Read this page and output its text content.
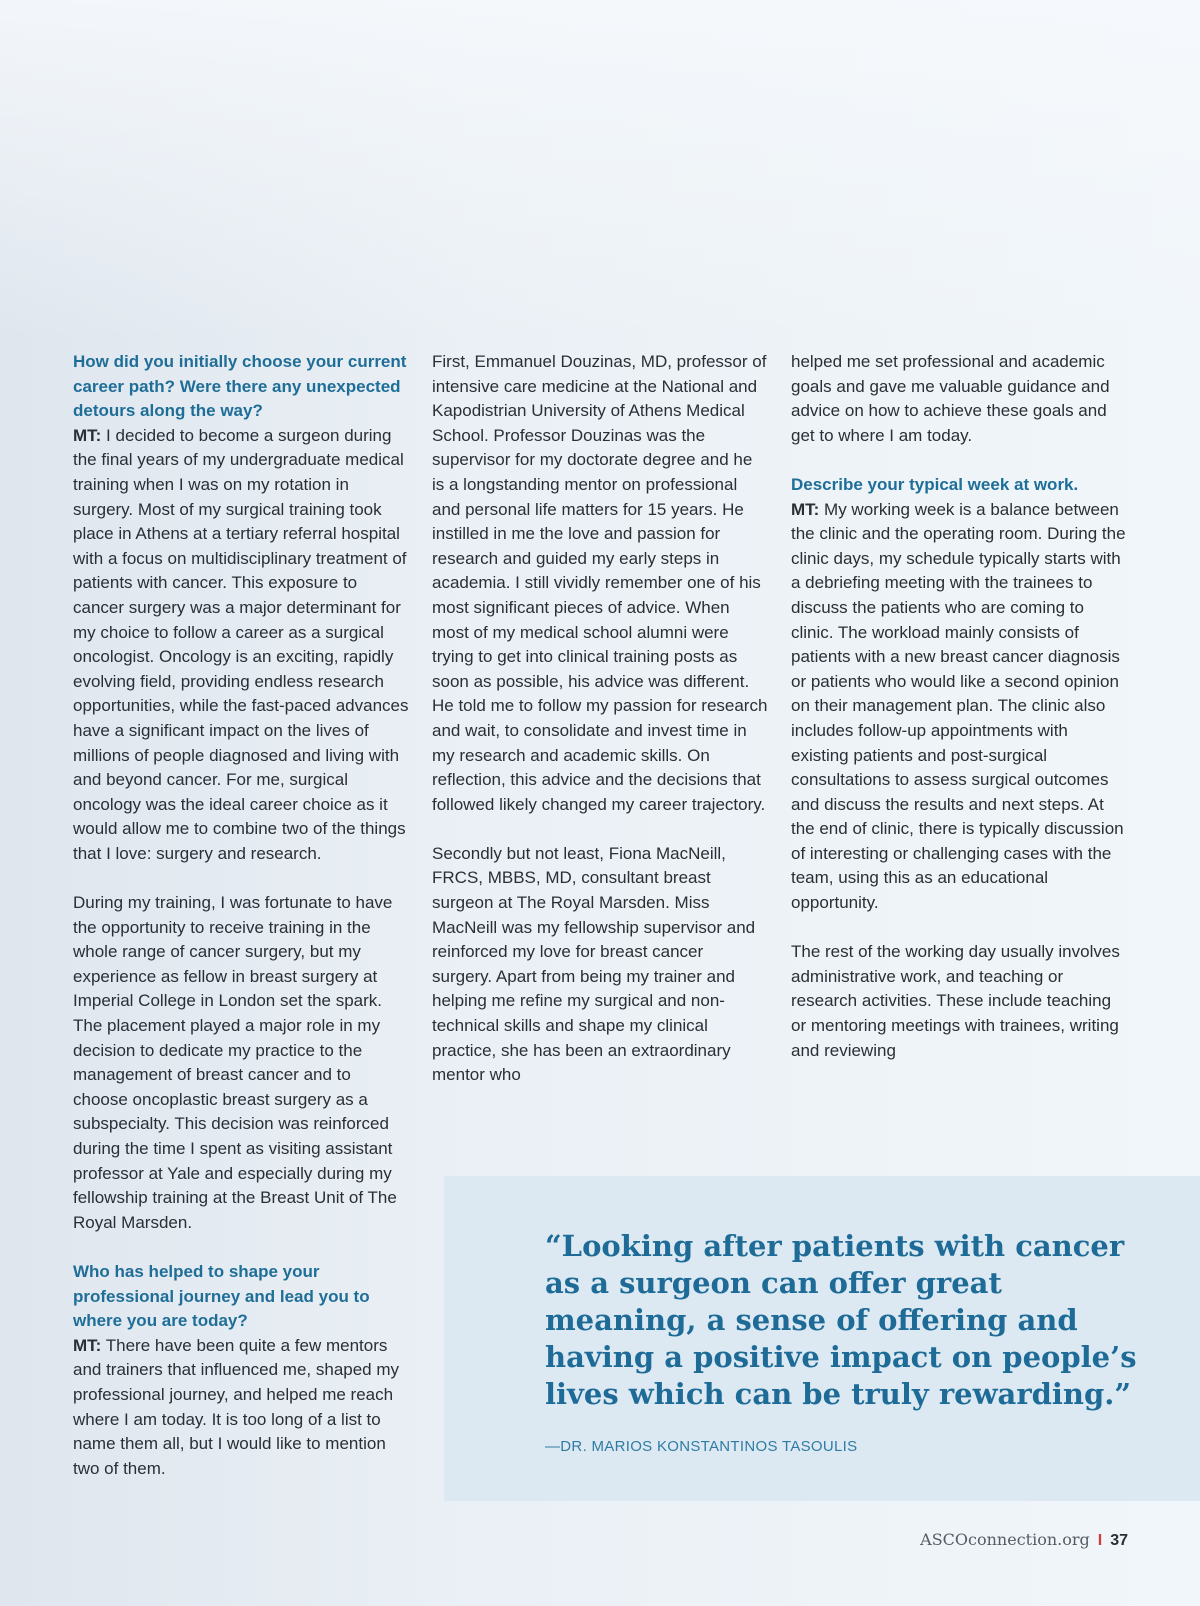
How did you initially choose your current career path? Were there any unexpected detours along the way?
MT: I decided to become a surgeon during the final years of my undergraduate medical training when I was on my rotation in surgery. Most of my surgical training took place in Athens at a tertiary referral hospital with a focus on multidisciplinary treatment of patients with cancer. This exposure to cancer surgery was a major determinant for my choice to follow a career as a surgical oncologist. Oncology is an exciting, rapidly evolving field, providing endless research opportunities, while the fast-paced advances have a significant impact on the lives of millions of people diagnosed and living with and beyond cancer. For me, surgical oncology was the ideal career choice as it would allow me to combine two of the things that I love: surgery and research.

During my training, I was fortunate to have the opportunity to receive training in the whole range of cancer surgery, but my experience as fellow in breast surgery at Imperial College in London set the spark. The placement played a major role in my decision to dedicate my practice to the management of breast cancer and to choose oncoplastic breast surgery as a subspecialty. This decision was reinforced during the time I spent as visiting assistant professor at Yale and especially during my fellowship training at the Breast Unit of The Royal Marsden.

Who has helped to shape your professional journey and lead you to where you are today?
MT: There have been quite a few mentors and trainers that influenced me, shaped my professional journey, and helped me reach where I am today. It is too long of a list to name them all, but I would like to mention two of them.

First, Emmanuel Douzinas, MD, professor of intensive care medicine at the National and Kapodistrian University of Athens Medical School. Professor Douzinas was the supervisor for my doctorate degree and he is a longstanding mentor on professional and personal life matters for 15 years. He instilled in me the love and passion for research and guided my early steps in academia. I still vividly remember one of his most significant pieces of advice. When most of my medical school alumni were trying to get into clinical training posts as soon as possible, his advice was different. He told me to follow my passion for research and wait, to consolidate and invest time in my research and academic skills. On reflection, this advice and the decisions that followed likely changed my career trajectory.

Secondly but not least, Fiona MacNeill, FRCS, MBBS, MD, consultant breast surgeon at The Royal Marsden. Miss MacNeill was my fellowship supervisor and reinforced my love for breast cancer surgery. Apart from being my trainer and helping me refine my surgical and non-technical skills and shape my clinical practice, she has been an extraordinary mentor who

helped me set professional and academic goals and gave me valuable guidance and advice on how to achieve these goals and get to where I am today.

Describe your typical week at work.
MT: My working week is a balance between the clinic and the operating room. During the clinic days, my schedule typically starts with a debriefing meeting with the trainees to discuss the patients who are coming to clinic. The workload mainly consists of patients with a new breast cancer diagnosis or patients who would like a second opinion on their management plan. The clinic also includes follow-up appointments with existing patients and post-surgical consultations to assess surgical outcomes and discuss the results and next steps. At the end of clinic, there is typically discussion of interesting or challenging cases with the team, using this as an educational opportunity.

The rest of the working day usually involves administrative work, and teaching or research activities. These include teaching or mentoring meetings with trainees, writing and reviewing

“Looking after patients with cancer as a surgeon can offer great meaning, a sense of offering and having a positive impact on people’s lives which can be truly rewarding.”

—DR. MARIOS KONSTANTINOS TASOULIS
ASCOconnection.org I 37
